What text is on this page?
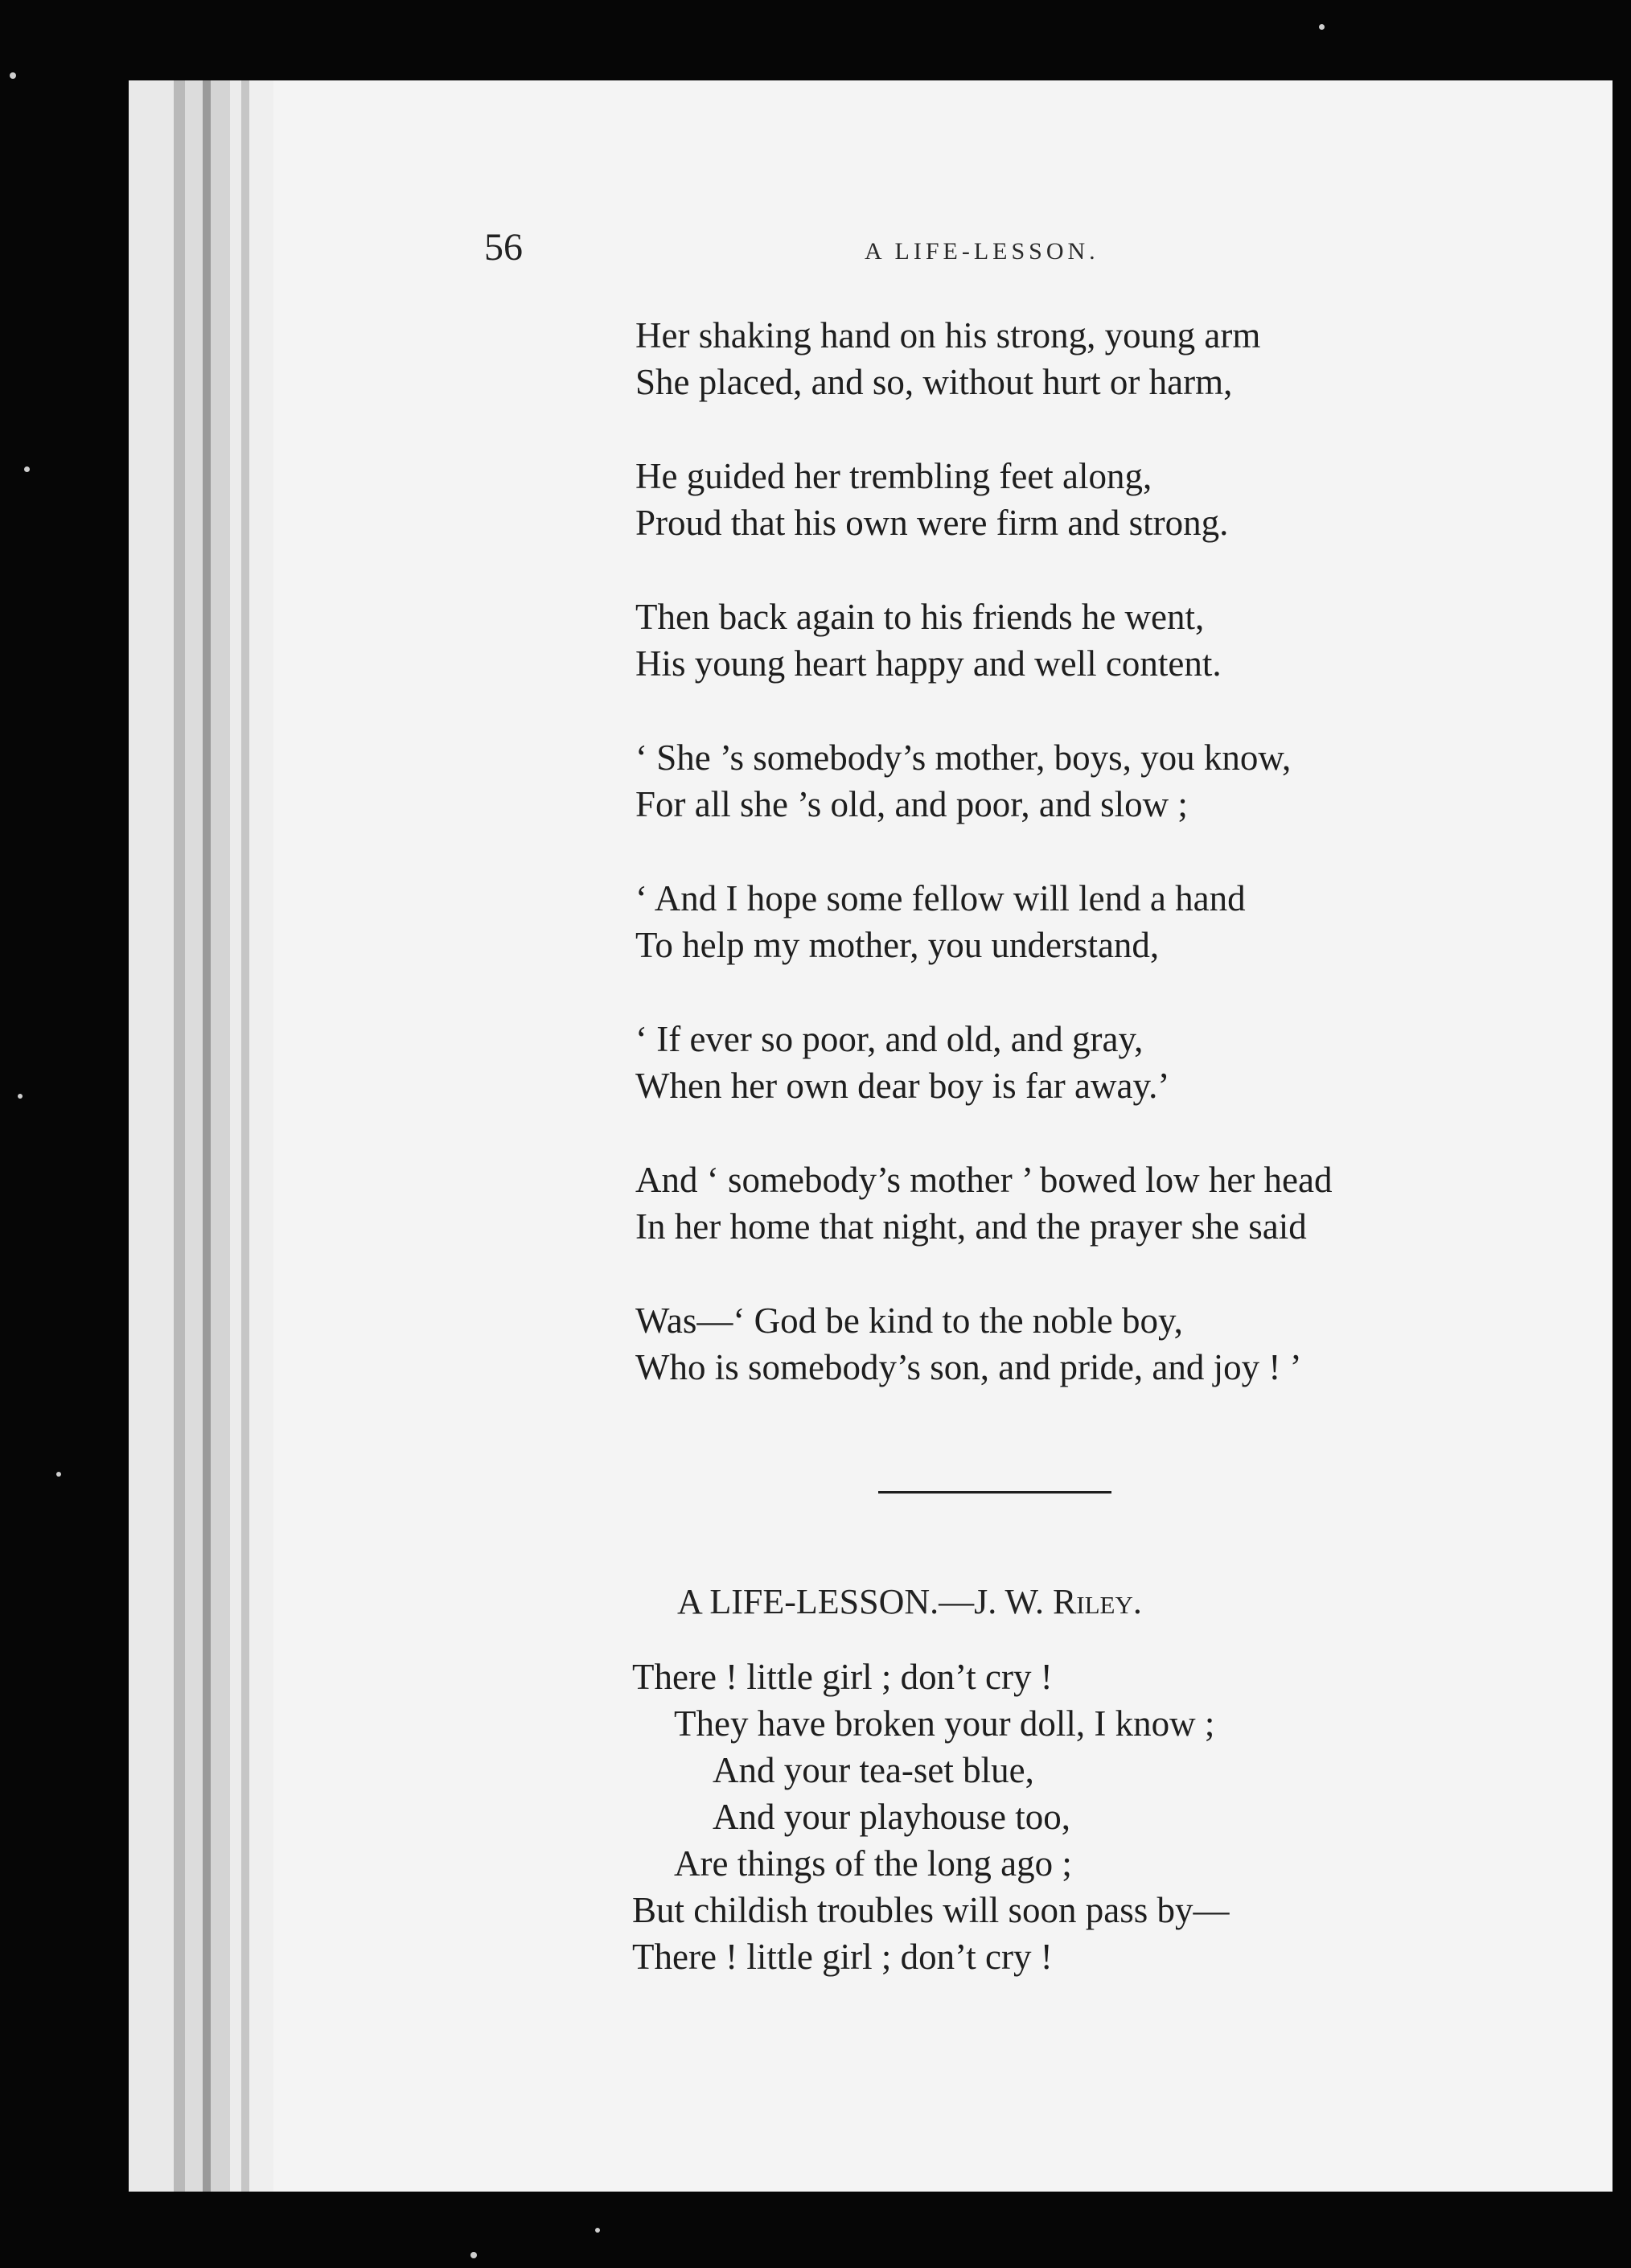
56	A LIFE-LESSON.
Her shaking hand on his strong, young arm
She placed, and so, without hurt or harm,
He guided her trembling feet along,
Proud that his own were firm and strong.
Then back again to his friends he went,
His young heart happy and well content.
‘ She ’s somebody’s mother, boys, you know,
For all she ’s old, and poor, and slow ;
‘ And I hope some fellow will lend a hand
To help my mother, you understand,
‘ If ever so poor, and old, and gray,
When her own dear boy is far away.’
And ‘ somebody’s mother ’ bowed low her head
In her home that night, and the prayer she said
Was—‘ God be kind to the noble boy,
Who is somebody’s son, and pride, and joy ! ’
A LIFE-LESSON.—J. W. Riley.
There ! little girl ; don’t cry !
They have broken your doll, I know ;
And your tea-set blue,
And your playhouse too,
Are things of the long ago ;
But childish troubles will soon pass by—
There ! little girl ; don’t cry !
